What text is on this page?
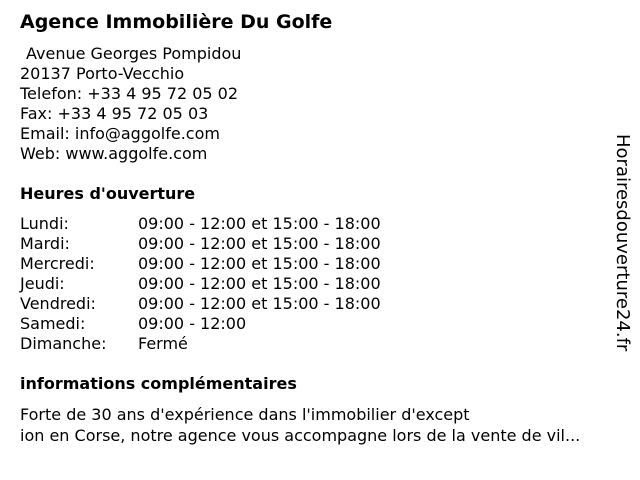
Agence Immobilière Du Golfe
Avenue Georges Pompidou
20137 Porto-Vecchio
Telefon: +33 4 95 72 05 02
Fax: +33 4 95 72 05 03
Email: info@aggolfe.com
Web: www.aggolfe.com
Heures d'ouverture
Lundi:	09:00 - 12:00 et 15:00 - 18:00
Mardi:	09:00 - 12:00 et 15:00 - 18:00
Mercredi:	09:00 - 12:00 et 15:00 - 18:00
Jeudi:	09:00 - 12:00 et 15:00 - 18:00
Vendredi:	09:00 - 12:00 et 15:00 - 18:00
Samedi:	09:00 - 12:00
Dimanche:	Fermé
informations complémentaires
Forte de 30 ans d'expérience dans l'immobilier d'except
ion en Corse, notre agence vous accompagne lors de la vente de vil...
Horairesdouverture24.fr
